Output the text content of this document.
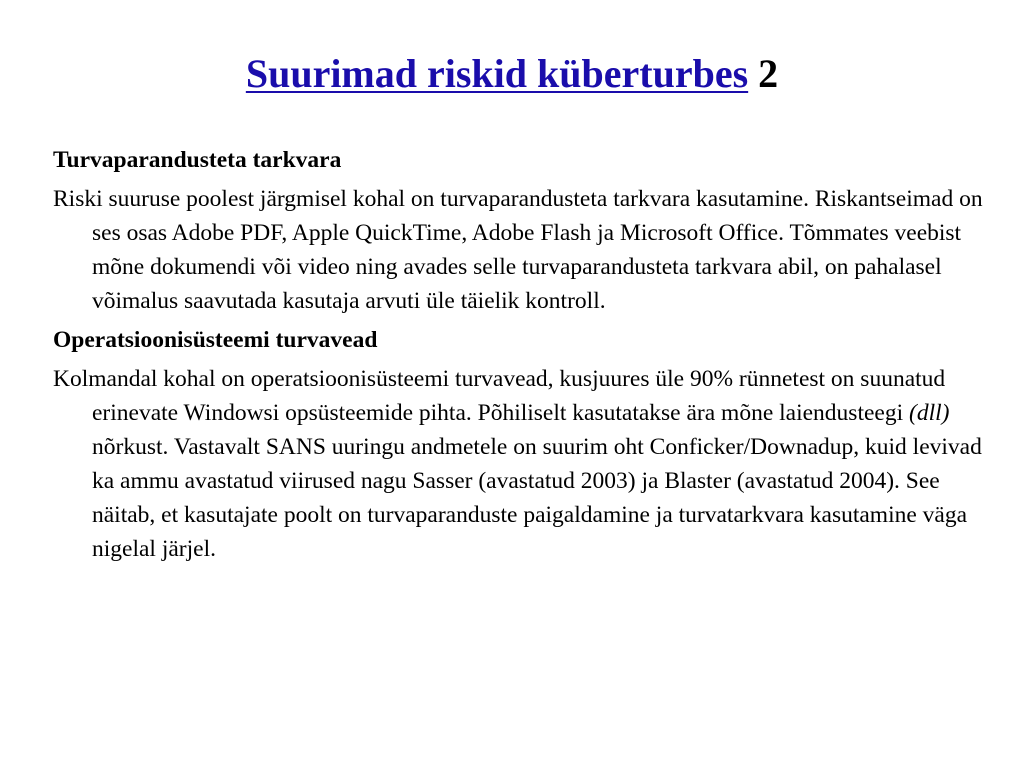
Suurimad riskid küberturbes 2

Turvaparandusteta tarkvara

Riski suuruse poolest järgmisel kohal on turvaparandusteta tarkvara kasutamine. Riskantseimad on ses osas Adobe PDF, Apple QuickTime, Adobe Flash ja Microsoft Office. Tõmmates veebist mõne dokumendi või video ning avades selle turvaparandusteta tarkvara abil, on pahalasel võimalus saavutada kasutaja arvuti üle täielik kontroll.

Operatsioonisüsteemi turvavead

Kolmandal kohal on operatsioonisüsteemi turvavead, kusjuures üle 90% rünnetest on suunatud erinevate Windowsi opsüsteemide pihta. Põhiliselt kasutatakse ära mõne laiendusteegi (dll) nõrkust. Vastavalt SANS uuringu andmetele on suurim oht Conficker/Downadup, kuid levivad ka ammu avastatud viirused nagu Sasser (avastatud 2003) ja Blaster (avastatud 2004). See näitab, et kasutajate poolt on turvaparanduste paigaldamine ja turvatarkvara kasutamine väga nigelal järjel.
